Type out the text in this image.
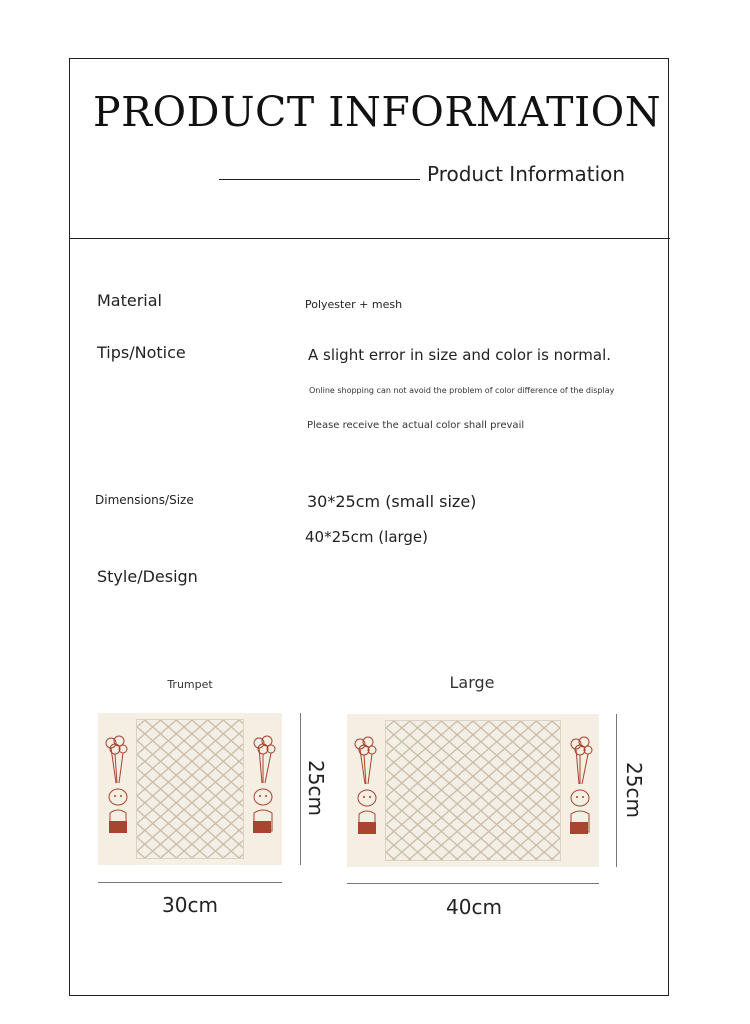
PRODUCT INFORMATION
Product Information
Material	Polyester + mesh
Tips/Notice	A slight error in size and color is normal.
Online shopping can not avoid the problem of color difference of the display
Please receive the actual color shall prevail
Dimensions/Size	30*25cm (small size)
40*25cm (large)
Style/Design
Trumpet
25cm
30cm
Large
25cm
40cm
